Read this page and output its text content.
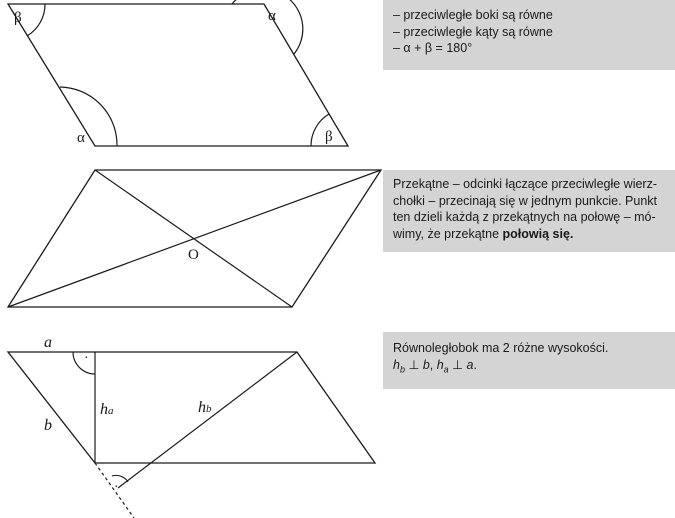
β	α
α	β
O
·
·
a
b
ha	hb
– przeciwległe boki są równe
– przeciwległe kąty są równe
– α + β = 180°
Przekątne – odcinki łączące przeciwległe wierz-
chołki – przecinają się w jednym punkcie. Punkt
ten dzieli każdą z przekątnych na połowę – mó-
wimy, że przekątne połowią się.
Równoległobok ma 2 różne wysokości.
$h_b$ ⊥ b, $h_a$ ⊥ a.
